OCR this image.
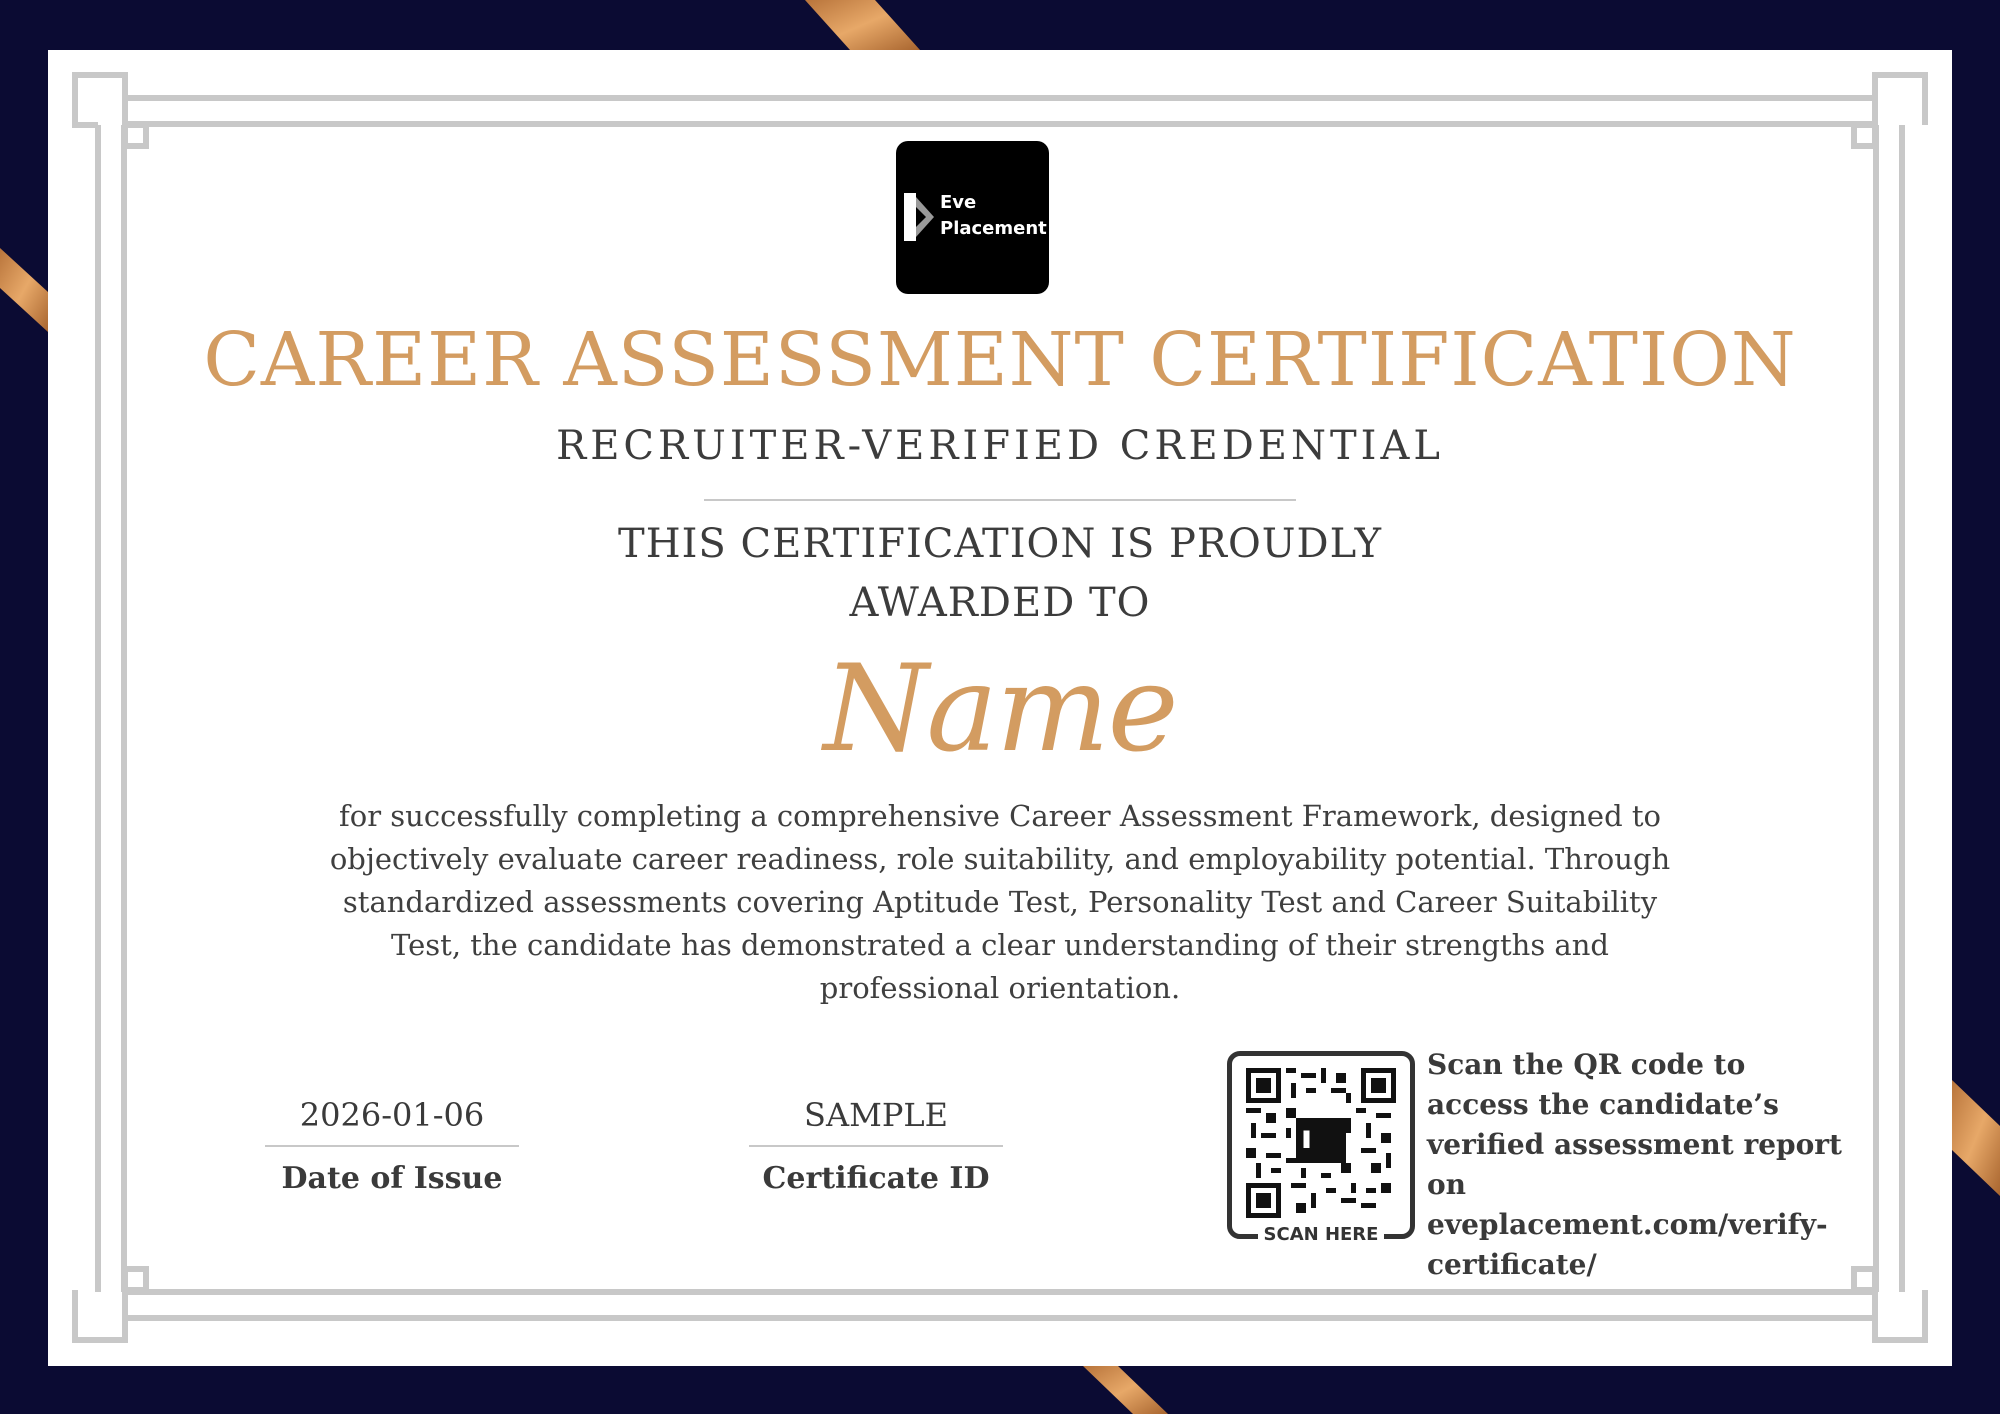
Eve
Placement
CAREER ASSESSMENT CERTIFICATION
RECRUITER-VERIFIED CREDENTIAL
THIS CERTIFICATION IS PROUDLY
AWARDED TO
Name
for successfully completing a comprehensive Career Assessment Framework, designed to objectively evaluate career readiness, role suitability, and employability potential. Through standardized assessments covering Aptitude Test, Personality Test and Career Suitability Test, the candidate has demonstrated a clear understanding of their strengths and professional orientation.
2026-01-06
Date of Issue
SAMPLE
Certificate ID
SCAN HERE
Scan the QR code to access the candidate’s verified assessment report on eveplacement.com/verify-certificate/
